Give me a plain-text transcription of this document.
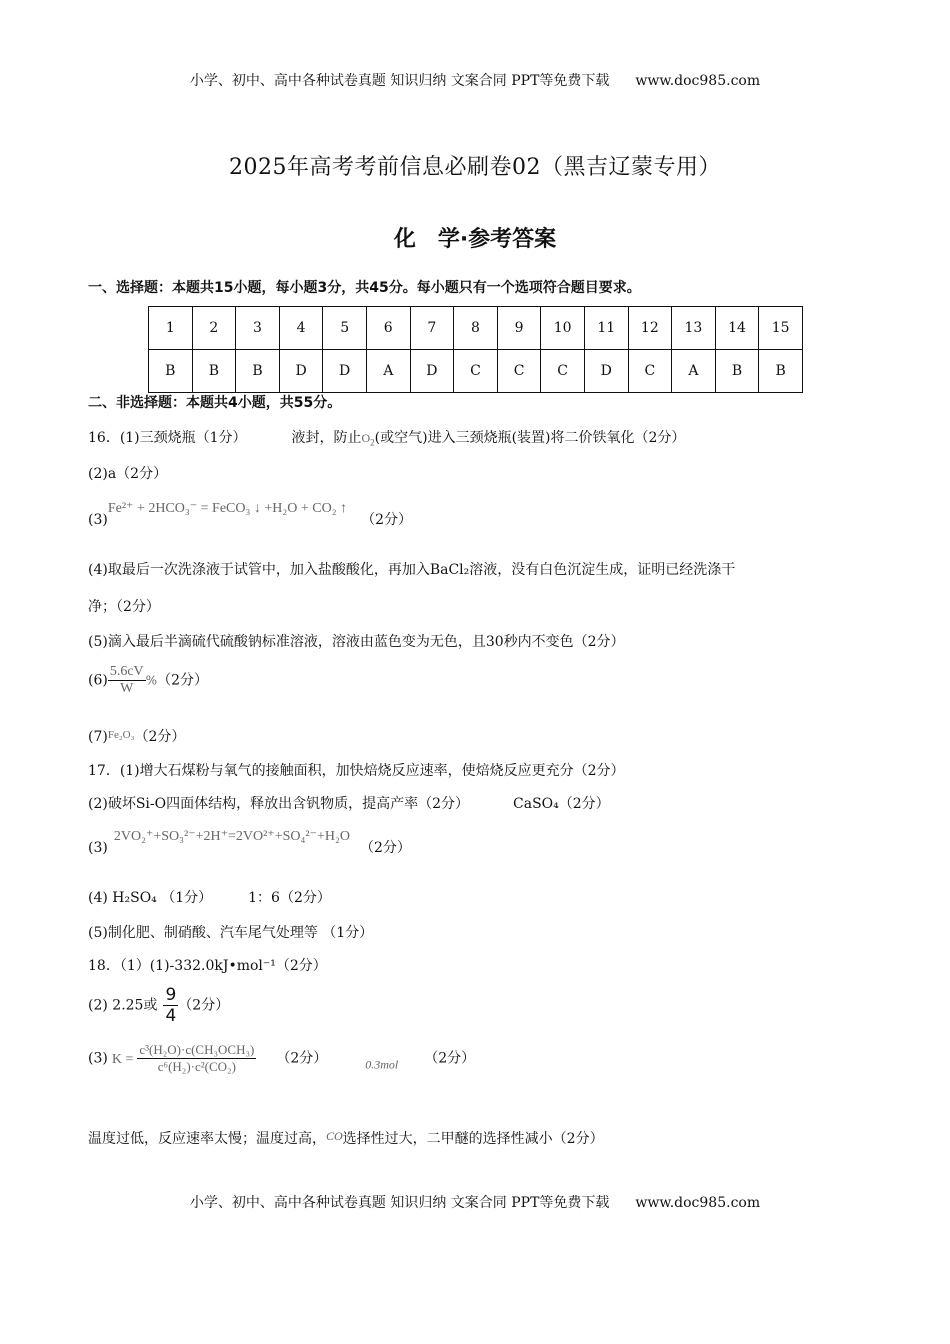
小学、初中、高中各种试卷真题 知识归纳 文案合同 PPT等免费下载 www.doc985.com
2025年高考考前信息必刷卷02（黑吉辽蒙专用）
化 学·参考答案
一、选择题：本题共15小题，每小题3分，共45分。每小题只有一个选项符合题目要求。
1	2	3	4	5	6	7	8	9	10	11	12	13	14	15
B	B	B	D	D	A	D	C	C	C	D	C	A	B	B
二、非选择题：本题共4小题，共55分。
16．(1)三颈烧瓶（1分）	液封，防止$O_2$(或空气)进入三颈烧瓶(装置)将二价铁氧化（2分）
(2)a（2分）
(3)Fe²⁺ + 2HCO₃⁻ = FeCO₃ ↓ +H₂O + CO₂ ↑（2分）
(4)取最后一次洗涤液于试管中，加入盐酸酸化，再加入BaCl₂溶液，没有白色沉淀生成，证明已经洗涤干
净；（2分）
(5)滴入最后半滴硫代硫酸钠标准溶液，溶液由蓝色变为无色，且30秒内不变色（2分）
$(6) \frac{5.6cV}{W} \%(2$分）
$(7)^{Fe_2O_3}(2$分）
17．(1)增大石煤粉与氧气的接触面积，加快焙烧反应速率，使焙烧反应更充分（2分）
(2)破坏Si-O四面体结构，释放出含钒物质，提高产率（2分）	CaSO₄（2分）
(3)2VO₂⁺+SO₃²⁻+2H⁺=2VO²⁺+SO₄²⁻+H₂O（2分）
(4) H₂SO₄ （1分）	1：6（2分）
(5)制化肥、制硝酸、汽车尾气处理等 （1分）
18．（1）(1)-332.0kJ•mol⁻¹（2分）
(2) 2.25或 $\frac{9}{4} (2$分）
(3) $K = \frac{\text{c³(H₂O)·c(CH₃OCH₃)}}{\text{c⁶(H₂)·c²(CO₂)}} (2$分）	0.3mol （2分）
温度过低，反应速率太慢；温度过高，CO选择性过大，二甲醚的选择性减小（2分）
小学、初中、高中各种试卷真题 知识归纳 文案合同 PPT等免费下载 www.doc985.com
